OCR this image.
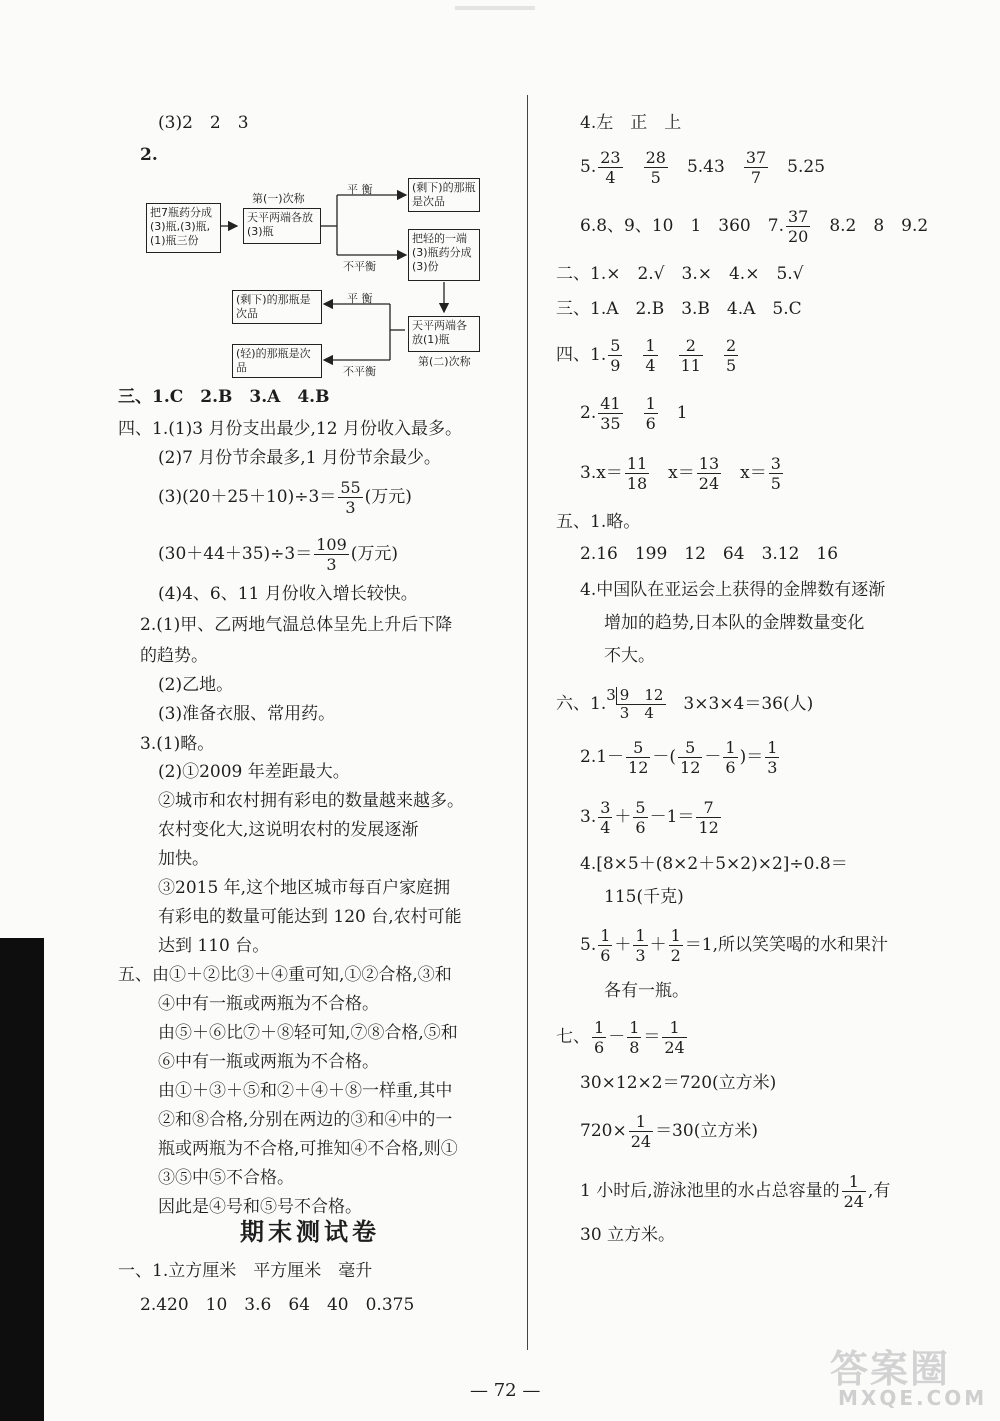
(3)2　2　3
2.
把7瓶药分成(3)瓶,(3)瓶,(1)瓶三份
第(一)次称
天平两端各放(3)瓶
平 衡	(剩下)的那瓶是次品
不平衡
把轻的一端(3)瓶药分成(3)份
天平两端各放(1)瓶
第(二)次称
平 衡
(剩下)的那瓶是次品
不平衡
(轻)的那瓶是次品
三、1.C　2.B　3.A　4.B
四、1.(1)3 月份支出最少,12 月份收入最多。
(2)7 月份节余最多,1 月份节余最少。
$(3)(20+25+10)\div 3= \frac{55}{3}$ (万元)
$(30+44+35)\div 3= \frac{109}{3}$ (万元)
(4)4、6、11 月份收入增长较快。
2.(1)甲、乙两地气温总体呈先上升后下降
的趋势。
(2)乙地。
(3)准备衣服、常用药。
3.(1)略。
(2)①2009 年差距最大。
②城市和农村拥有彩电的数量越来越多。
农村变化大,这说明农村的发展逐渐
加快。
③2015 年,这个地区城市每百户家庭拥
有彩电的数量可能达到 120 台,农村可能
达到 110 台。
五、由①＋②比③＋④重可知,①②合格,③和
④中有一瓶或两瓶为不合格。
由⑤＋⑥比⑦＋⑧轻可知,⑦⑧合格,⑤和
⑥中有一瓶或两瓶为不合格。
由①＋③＋⑤和②＋④＋⑧一样重,其中
②和⑧合格,分别在两边的③和④中的一
瓶或两瓶为不合格,可推知④不合格,则①
③⑤中⑤不合格。
因此是④号和⑤号不合格。
期末测试卷
一、1.立方厘米　平方厘米　毫升
2.420　10　3.6　64　40　0.375
4.左　正　上
5. $\frac{23}{4}$
　 $\frac{28}{5}$
　 5.43　 $\frac{37}{7}$
　 5.25
6.8、9、10　1　360　7. $\frac{37}{20}$
　 8.2　8　9.2
二、1.×　2.√　3.×　4.×　5.√
三、1.A　2.B　3.B　4.A　5.C
四、1. $\frac{5}{9}$
　 $\frac{1}{4}$
　 $\frac{2}{11}$
　 $\frac{2}{5}$
2. $\frac{41}{35}$
　 $\frac{1}{6}$
　 1
$3.x= \frac{11}{18}$
　 $x= \frac{13}{24}$
　 $x= \frac{3}{5}$
五、1.略。
2.16　199　12　64　3.12　16
4.中国队在亚运会上获得的金牌数有逐渐
增加的趋势,日本队的金牌数量变化
不大。
六、$1.3 \frac{9 12}{3 4}$
　 3×3×4＝36(人)
$2.1- \frac{5}{12}$ －( $\frac{5}{12} - \frac{1}{6}$ )＝ $\frac{1}{3}$
3. $\frac{3}{4} + \frac{5}{6} -1= \frac{7}{12}$
4.[8×5＋(8×2＋5×2)×2]÷0.8＝
115(千克)
5. $\frac{1}{6} + \frac{1}{3} + \frac{1}{2} =1$,所以笑笑喝的水和果汁
各有一瓶。
七、 $\frac{1}{6} - \frac{1}{8} = \frac{1}{24}$
30×12×2＝720(立方米)
$720\times \frac{1}{24} =30$(立方米)
1 小时后,游泳池里的水占总容量的 $\frac{1}{24}$ ,有
30 立方米。
— 72 —	答案圈
MXQE.COM
